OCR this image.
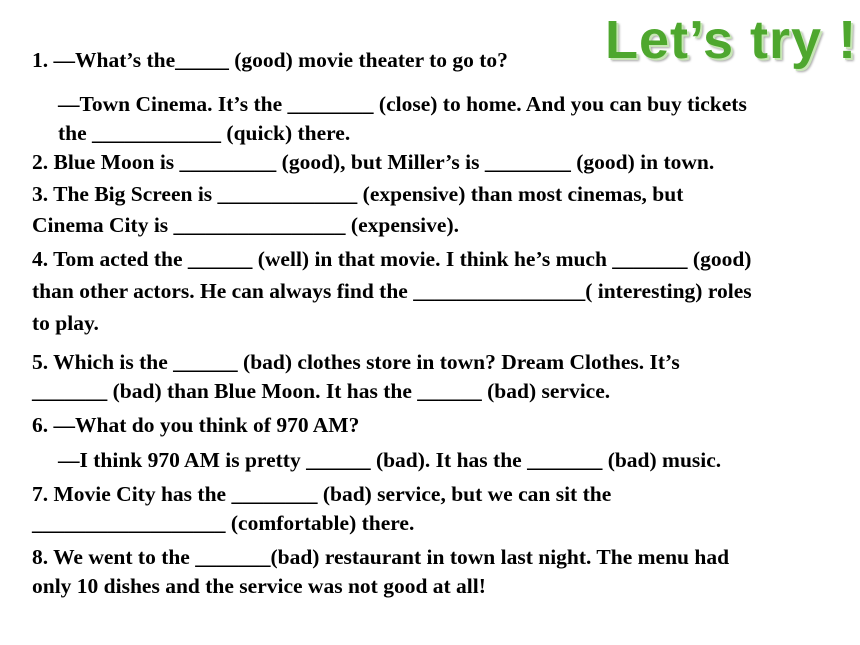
Let’s try !
1. —What’s the_____ (good) movie theater to go to?
—Town Cinema. It’s the ________ (close) to home. And you can buy tickets
the ____________ (quick) there.
2. Blue Moon is _________ (good), but Miller’s is ________ (good) in town.
3. The Big Screen is _____________ (expensive) than most cinemas, but
Cinema City is ________________ (expensive).
4. Tom acted the ______ (well) in that movie. I think he’s much _______ (good)
than other actors. He can always find the ________________( interesting) roles
to play.
5. Which is the ______ (bad) clothes store in town? Dream Clothes. It’s
_______ (bad) than Blue Moon. It has the ______ (bad) service.
6. —What do you think of 970 AM?
—I think 970 AM is pretty ______ (bad). It has the _______ (bad) music.
7. Movie City has the ________ (bad) service, but we can sit the
__________________ (comfortable) there.
8. We went to the _______(bad) restaurant in town last night. The menu had
only 10 dishes and the service was not good at all!
